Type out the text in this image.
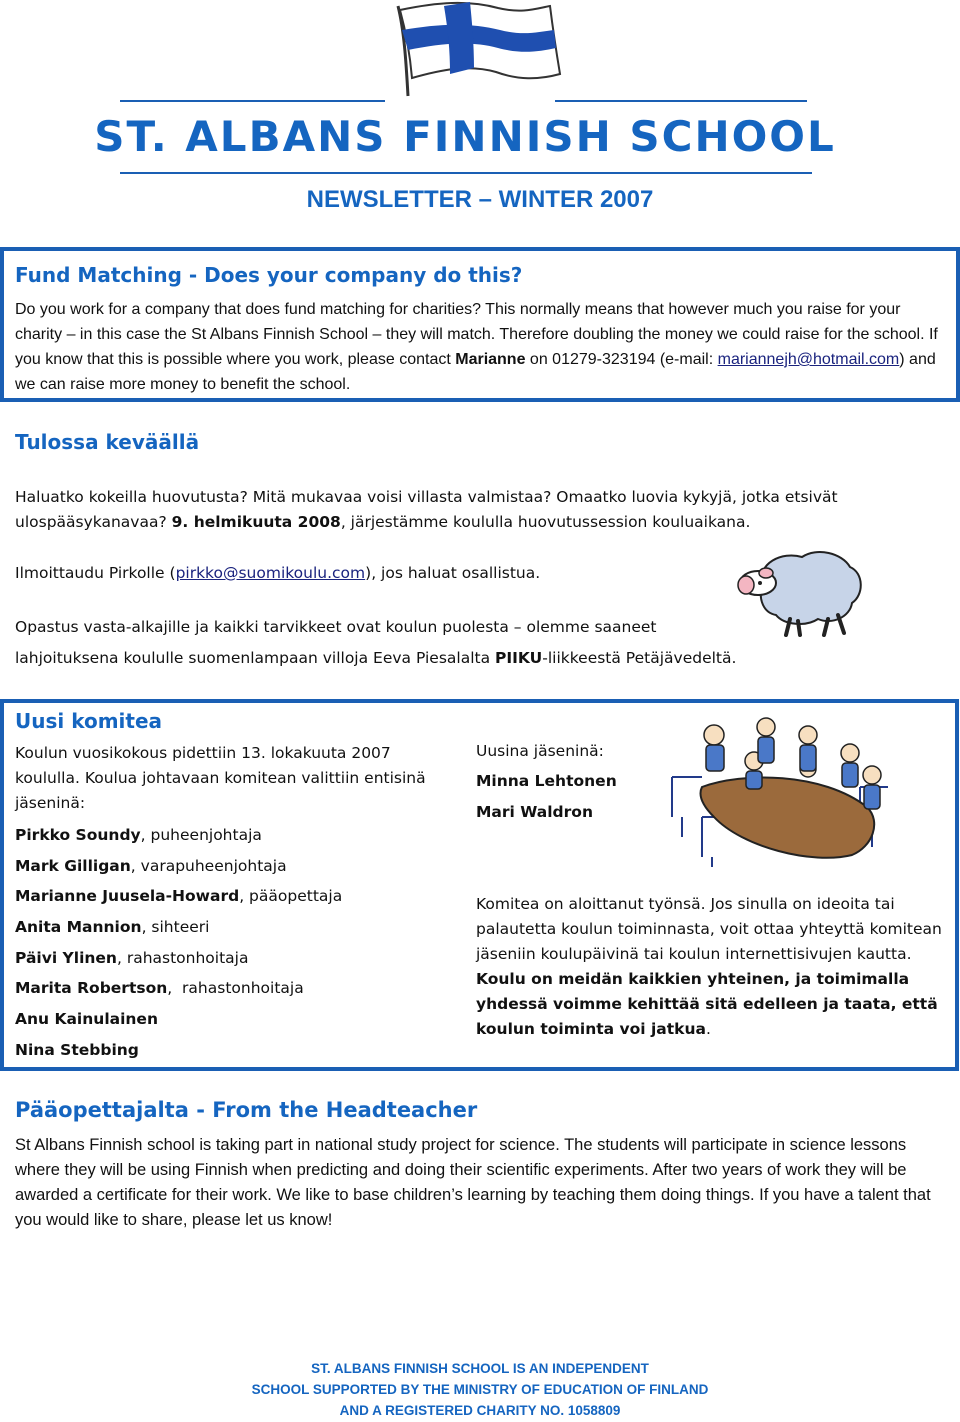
ST. ALBANS FINNISH SCHOOL
NEWSLETTER – WINTER 2007
Fund Matching - Does your company do this?

Do you work for a company that does fund matching for charities? This normally means that however much you raise for your charity – in this case the St Albans Finnish School – they will match. Therefore doubling the money we could raise for the school. If you know that this is possible where you work, please contact Marianne on 01279-323194 (e-mail: mariannejh@hotmail.com) and we can raise more money to benefit the school.

Tulossa keväällä

Haluatko kokeilla huovutusta? Mitä mukavaa voisi villasta valmistaa? Omaatko luovia kykyjä, jotka etsivät ulospääsykanavaa? 9. helmikuuta 2008, järjestämme koululla huovutussession kouluaikana.

Ilmoittaudu Pirkolle (pirkko@suomikoulu.com), jos haluat osallistua.

Opastus vasta-alkajille ja kaikki tarvikkeet ovat koulun puolesta – olemme saaneet lahjoituksena koululle suomenlampaan villoja Eeva Piesalalta PIIKU-liikkeestä Petäjävedeltä.

Uusi komitea

Koulun vuosikokous pidettiin 13. lokakuuta 2007 koululla. Koulua johtavaan komitean valittiin entisinä jäseninä:

Pirkko Soundy, puheenjohtaja
Mark Gilligan, varapuheenjohtaja
Marianne Juusela-Howard, pääopettaja
Anita Mannion, sihteeri
Päivi Ylinen, rahastonhoitaja
Marita Robertson,  rahastonhoitaja
Anu Kainulainen
Nina Stebbing
Uusina jäseninä:
Minna Lehtonen
Mari Waldron

Komitea on aloittanut työnsä. Jos sinulla on ideoita tai palautetta koulun toiminnasta, voit ottaa yhteyttä komitean jäseniin koulupäivinä tai koulun internettisivujen kautta. Koulu on meidän kaikkien yhteinen, ja toimimalla yhdessä voimme kehittää sitä edelleen ja taata, että koulun toiminta voi jatkua.

Pääopettajalta - From the Headteacher

St Albans Finnish school is taking part in national study project for science. The students will participate in science lessons where they will be using Finnish when predicting and doing their scientific experiments. After two years of work they will be awarded a certificate for their work. We like to base children’s learning by teaching them doing things. If you have a talent that you would like to share, please let us know!

ST. ALBANS FINNISH SCHOOL IS AN INDEPENDENT
SCHOOL SUPPORTED BY THE MINISTRY OF EDUCATION OF FINLAND
AND A REGISTERED CHARITY NO. 1058809
